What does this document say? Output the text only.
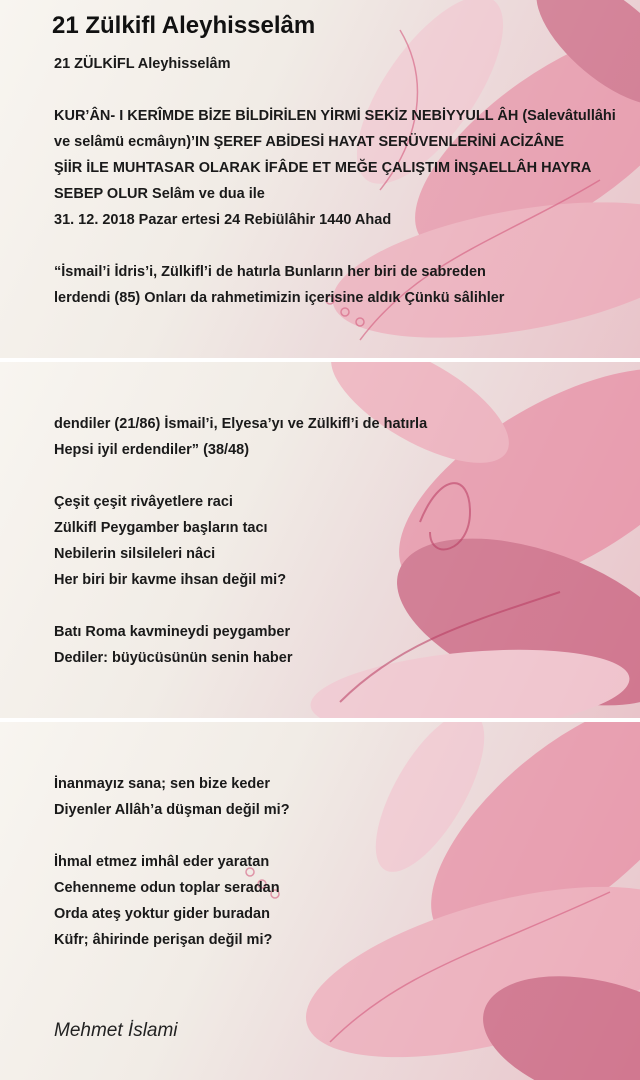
21 Zülkifl Aleyhisselâm
21 ZÜLKİFL Aleyhisselâm
KUR’ÂN- I KERÎMDE BİZE BİLDİRİLEN YİRMİ SEKİZ NEBİYYULL ÂH (Salevâtullâhi
ve selâmü ecmâıyn)’IN ŞEREF ABİDESİ HAYAT SERÜVENLERİNİ ACİZÂNE
ŞİİR İLE MUHTASAR OLARAK İFÂDE ET MEĞE ÇALIŞTIM İNŞAELLÂH HAYRA
SEBEP OLUR Selâm ve dua ile
31. 12. 2018 Pazar ertesi 24 Rebiülâhir 1440 Ahad
“İsmail’i İdris’i, Zülkifl’i de hatırla Bunların her biri de sabreden
lerdendi (85) Onları da rahmetimizin içerisine aldık Çünkü sâlihler
dendiler (21/86) İsmail’i, Elyesa’yı ve Zülkifl’i de hatırla
Hepsi iyil erdendiler” (38/48)
Çeşit çeşit rivâyetlere raci
Zülkifl Peygamber başların tacı
Nebilerin silsileleri nâci
Her biri bir kavme ihsan değil mi?
Batı Roma kavmineydi peygamber
Dediler: büyücüsünün senin haber
İnanmayız sana; sen bize keder
Diyenler Allâh’a düşman değil mi?
İhmal etmez imhâl eder yaratan
Cehenneme odun toplar seradan
Orda ateş yoktur gider buradan
Küfr; âhirinde perişan değil mi?
Mehmet İslami
